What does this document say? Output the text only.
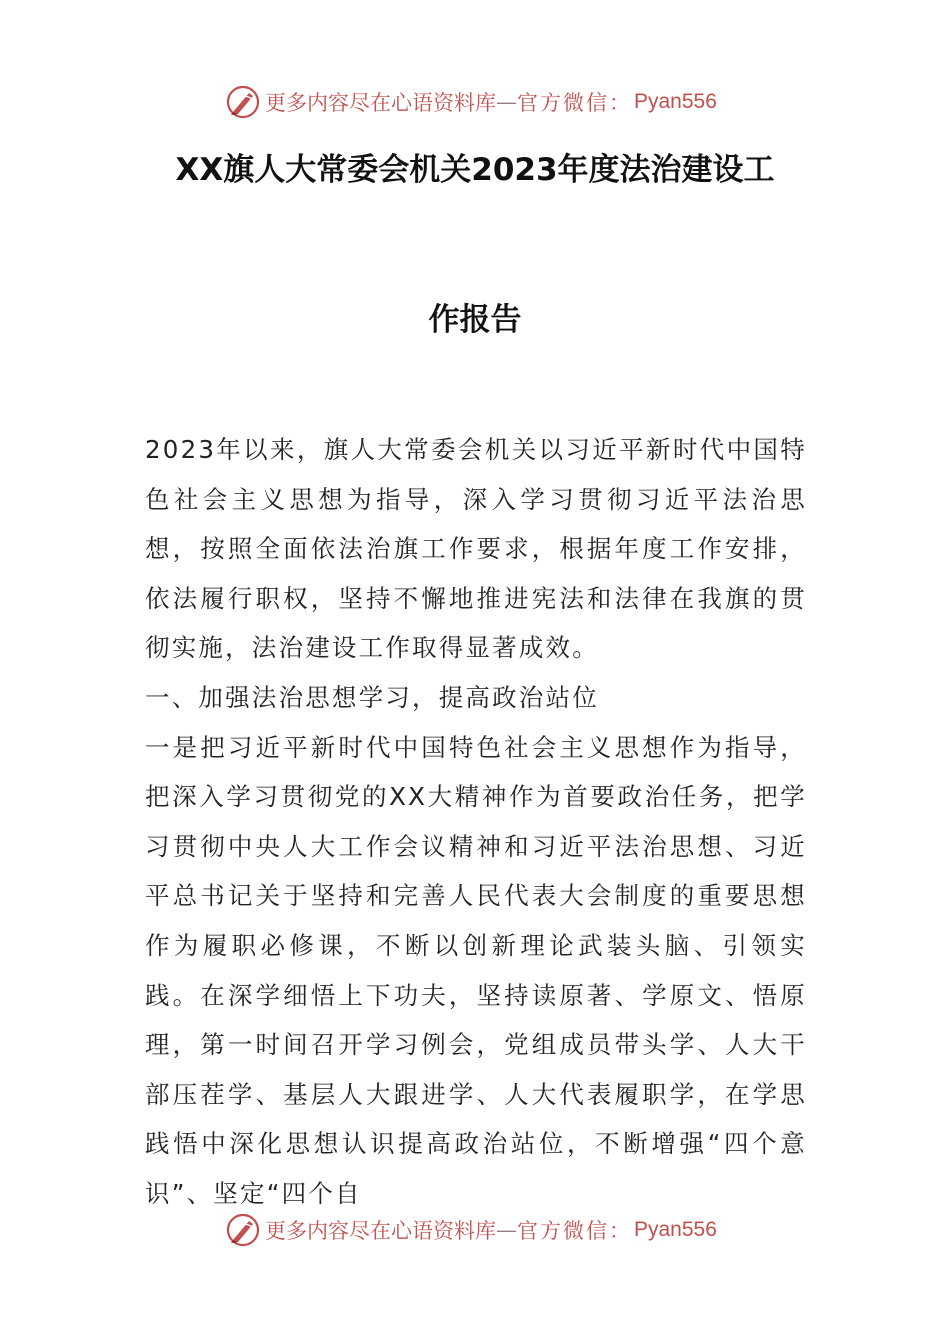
更多内容尽在心语资料库 — 官方微信： Pyan556
XX旗人大常委会机关2023年度法治建设工
作报告

2023年以来，旗人大常委会机关以习近平新时代中国特色社会主义思想为指导，深入学习贯彻习近平法治思想，按照全面依法治旗工作要求，根据年度工作安排，依法履行职权，坚持不懈地推进宪法和法律在我旗的贯彻实施，法治建设工作取得显著成效。

一、加强法治思想学习，提高政治站位

一是把习近平新时代中国特色社会主义思想作为指导，把深入学习贯彻党的XX大精神作为首要政治任务，把学习贯彻中央人大工作会议精神和习近平法治思想、习近平总书记关于坚持和完善人民代表大会制度的重要思想作为履职必修课，不断以创新理论武装头脑、引领实践。在深学细悟上下功夫，坚持读原著、学原文、悟原理，第一时间召开学习例会，党组成员带头学、人大干部压茬学、基层人大跟进学、人大代表履职学，在学思践悟中深化思想认识提高政治站位，不断增强“四个意识”、坚定“四个自

更多内容尽在心语资料库 — 官方微信： Pyan556
